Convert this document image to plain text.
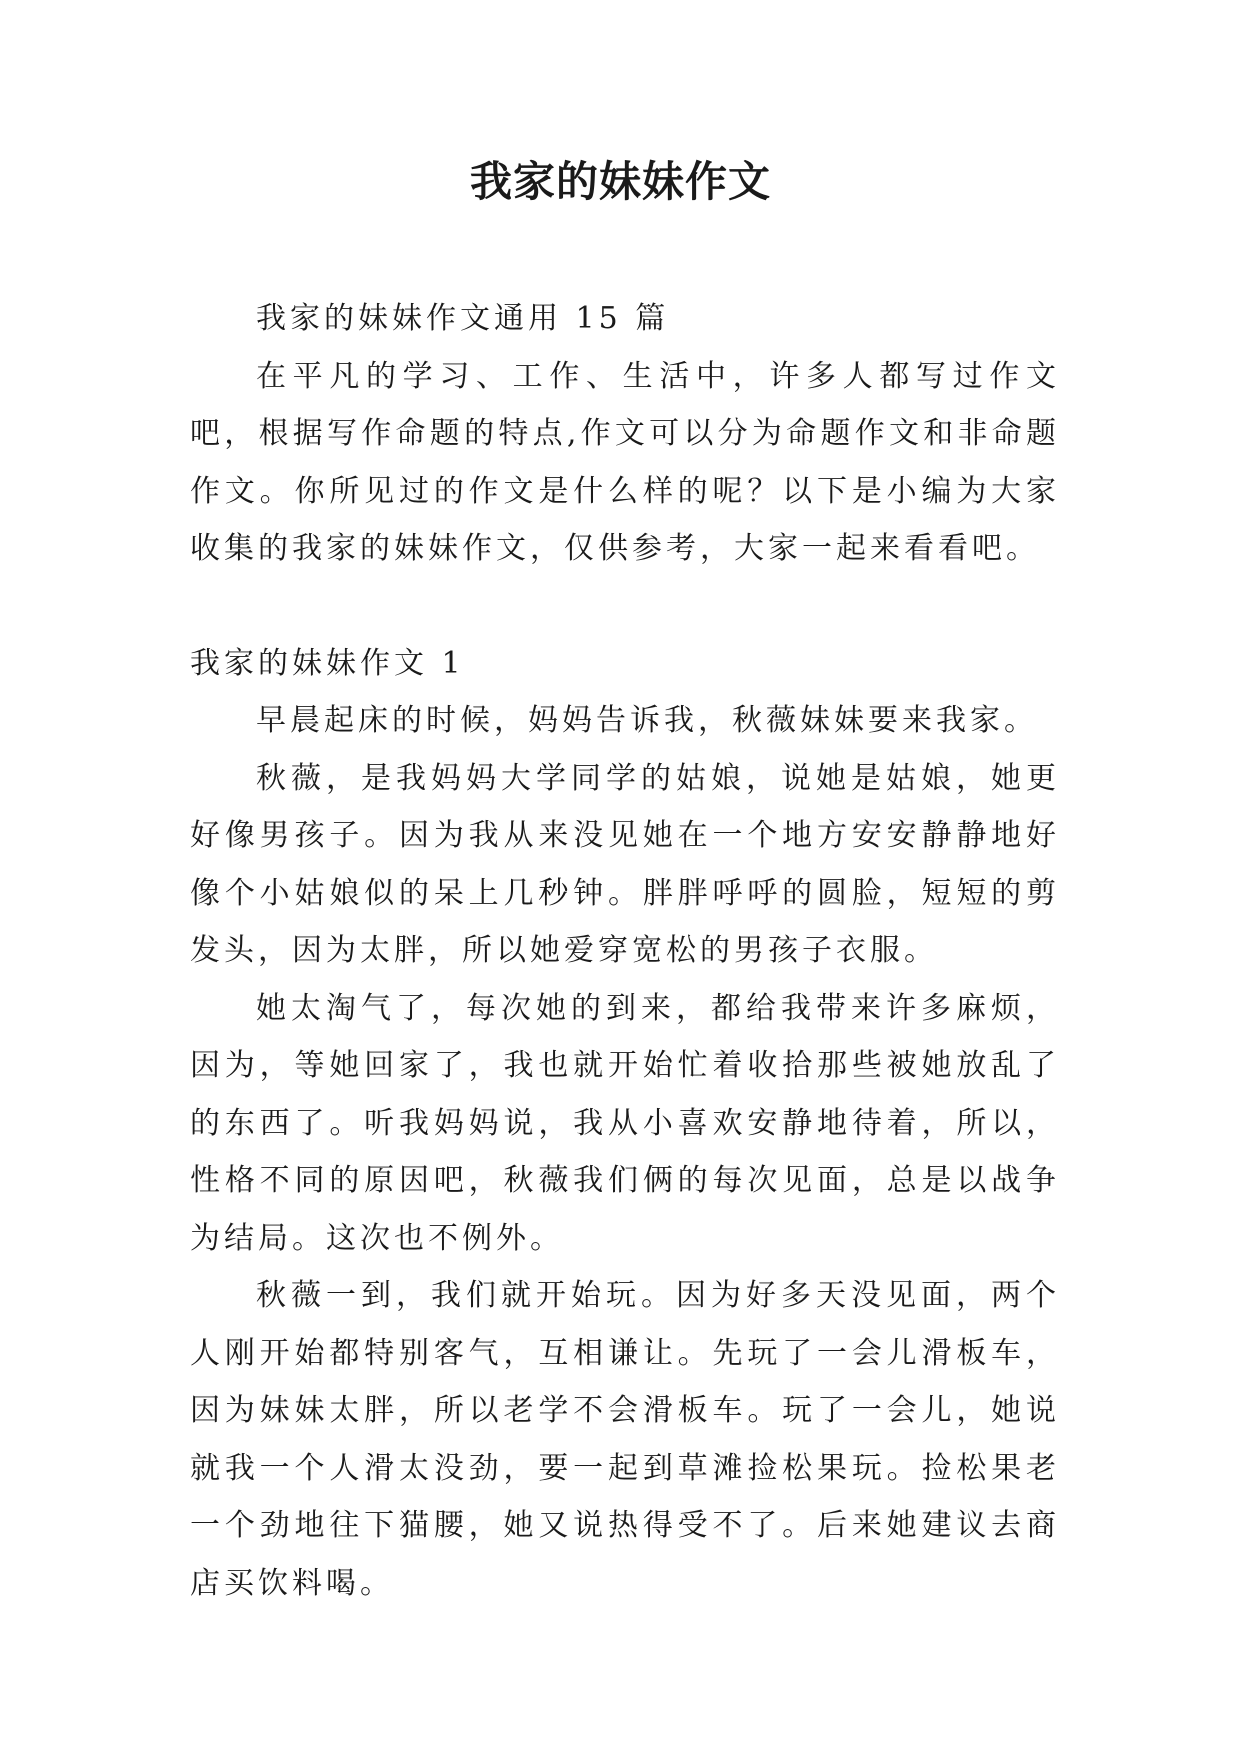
我家的妹妹作文

我家的妹妹作文通用 15 篇

在平凡的学习、工作、生活中，许多人都写过作文吧，根据写作命题的特点,作文可以分为命题作文和非命题作文。你所见过的作文是什么样的呢？以下是小编为大家收集的我家的妹妹作文，仅供参考，大家一起来看看吧。

我家的妹妹作文 1

早晨起床的时候，妈妈告诉我，秋薇妹妹要来我家。

秋薇，是我妈妈大学同学的姑娘，说她是姑娘，她更好像男孩子。因为我从来没见她在一个地方安安静静地好像个小姑娘似的呆上几秒钟。胖胖呼呼的圆脸，短短的剪发头，因为太胖，所以她爱穿宽松的男孩子衣服。

她太淘气了，每次她的到来，都给我带来许多麻烦，因为，等她回家了，我也就开始忙着收拾那些被她放乱了的东西了。听我妈妈说，我从小喜欢安静地待着，所以，性格不同的原因吧，秋薇我们俩的每次见面，总是以战争为结局。这次也不例外。

秋薇一到，我们就开始玩。因为好多天没见面，两个人刚开始都特别客气，互相谦让。先玩了一会儿滑板车，因为妹妹太胖，所以老学不会滑板车。玩了一会儿，她说就我一个人滑太没劲，要一起到草滩捡松果玩。捡松果老一个劲地往下猫腰，她又说热得受不了。后来她建议去商店买饮料喝。
